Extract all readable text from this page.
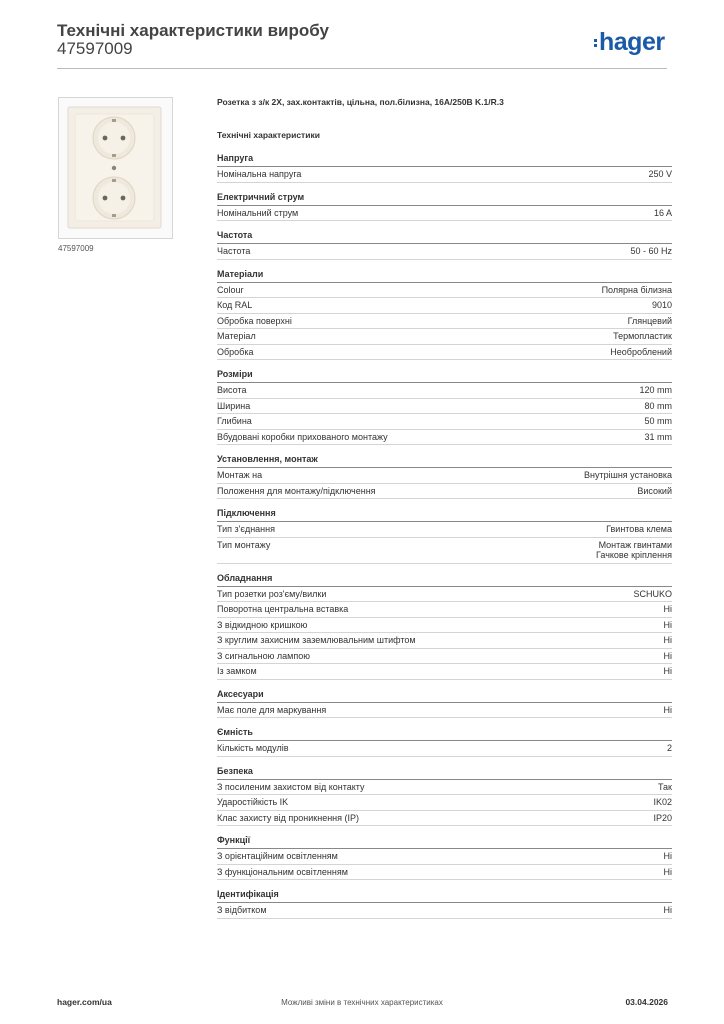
Технічні характеристики виробу
47597009	hager
47597009
Розетка з з/к 2Х, зах.контактів, цільна, пол.білизна, 16A/250B K.1/R.3
Технічні характеристики
Напруга
Номінальна напруга	250 V
Електричний струм
Номінальний струм	16 A
Частота
Частота	50 - 60 Hz
Матеріали
Colour	Полярна білизна
Код RAL	9010
Обробка поверхні	Глянцевий
Матеріал	Термопластик
Обробка	Необроблений
Розміри
Висота	120 mm
Ширина	80 mm
Глибина	50 mm
Вбудовані коробки прихованого монтажу	31 mm
Установлення, монтаж
Монтаж на	Внутрішня установка
Положення для монтажу/підключення	Високий
Підключення
Тип з'єднання	Гвинтова клема
Тип монтажу	Монтаж гвинтами
Гачкове кріплення
Обладнання
Тип розетки роз'єму/вилки	SCHUKO
Поворотна центральна вставка	Ні
З відкидною кришкою	Ні
З круглим захисним заземлювальним штифтом	Ні
З сигнальною лампою	Ні
Із замком	Ні
Аксесуари
Має поле для маркування	Ні
Ємність
Кількість модулів	2
Безпека
З посиленим захистом від контакту	Так
Ударостійкість IK	IK02
Клас захисту від проникнення (IP)	IP20
Функції
З орієнтаційним освітленням	Ні
З функціональним освітленням	Ні
Ідентифікація
З відбитком	Ні
hager.com/ua	Можливі зміни в технічних характеристиках	03.04.2026
